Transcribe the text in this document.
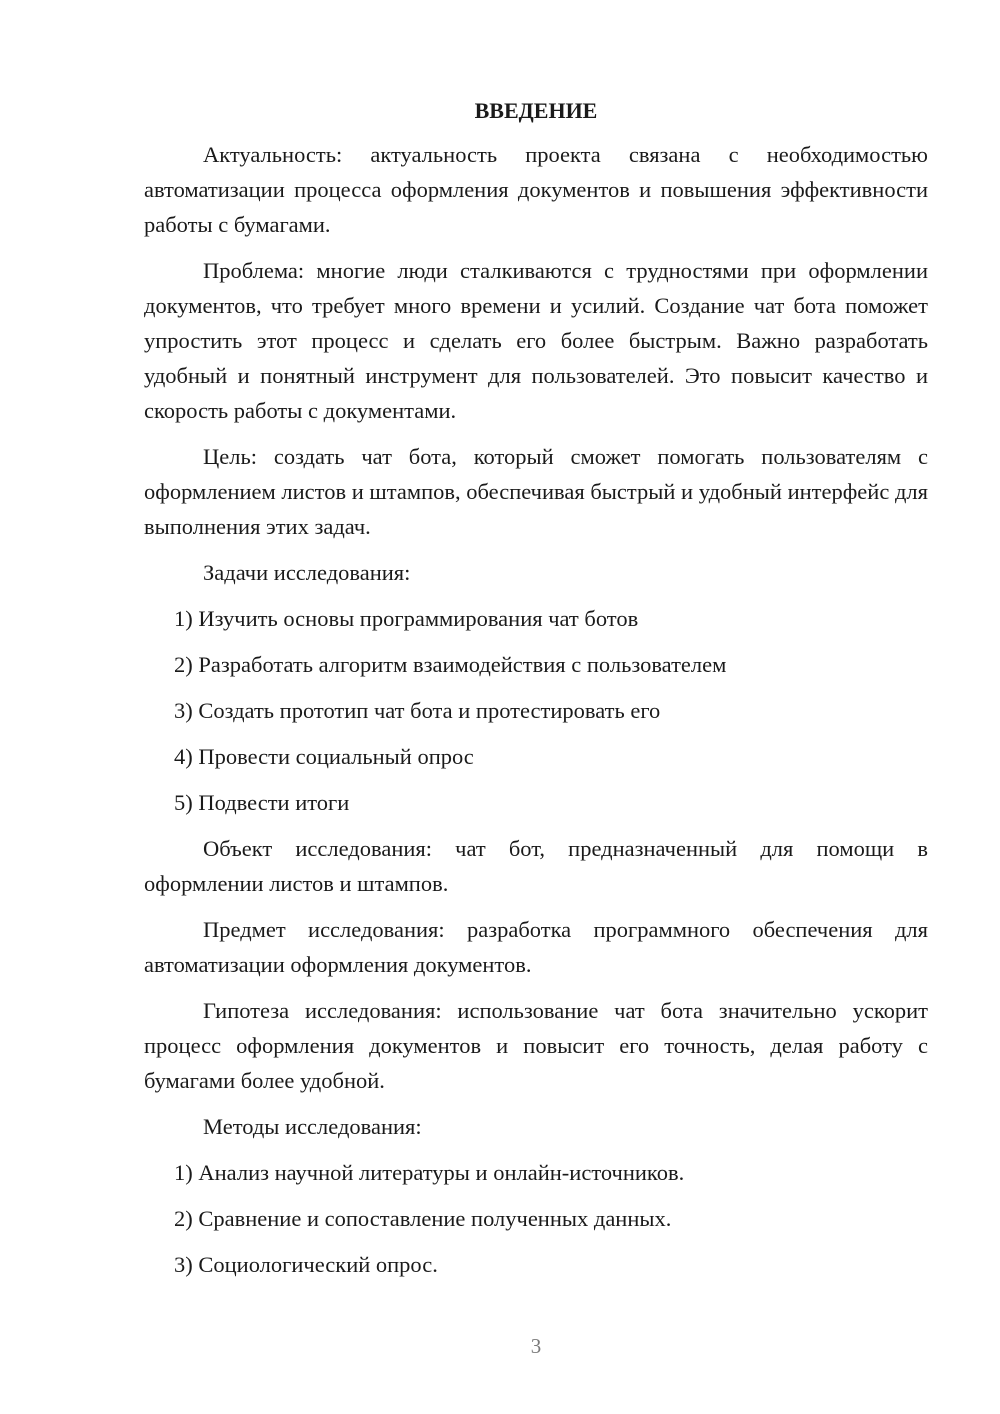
ВВЕДЕНИЕ

Актуальность: актуальность проекта связана с необходимостью автоматизации процесса оформления документов и повышения эффективности работы с бумагами.

Проблема: многие люди сталкиваются с трудностями при оформлении документов, что требует много времени и усилий. Создание чат бота поможет упростить этот процесс и сделать его более быстрым. Важно разработать удобный и понятный инструмент для пользователей. Это повысит качество и скорость работы с документами.

Цель: создать чат бота, который сможет помогать пользователям с оформлением листов и штампов, обеспечивая быстрый и удобный интерфейс для выполнения этих задач.

Задачи исследования:

1) Изучить основы программирования чат ботов
2) Разработать алгоритм взаимодействия с пользователем
3) Создать прототип чат бота и протестировать его
4) Провести социальный опрос
5) Подвести итоги

Объект исследования: чат бот, предназначенный для помощи в оформлении листов и штампов.

Предмет исследования: разработка программного обеспечения для автоматизации оформления документов.

Гипотеза исследования: использование чат бота значительно ускорит процесс оформления документов и повысит его точность, делая работу с бумагами более удобной.

Методы исследования:

1) Анализ научной литературы и онлайн-источников.
2) Сравнение и сопоставление полученных данных.
3) Социологический опрос.
3
